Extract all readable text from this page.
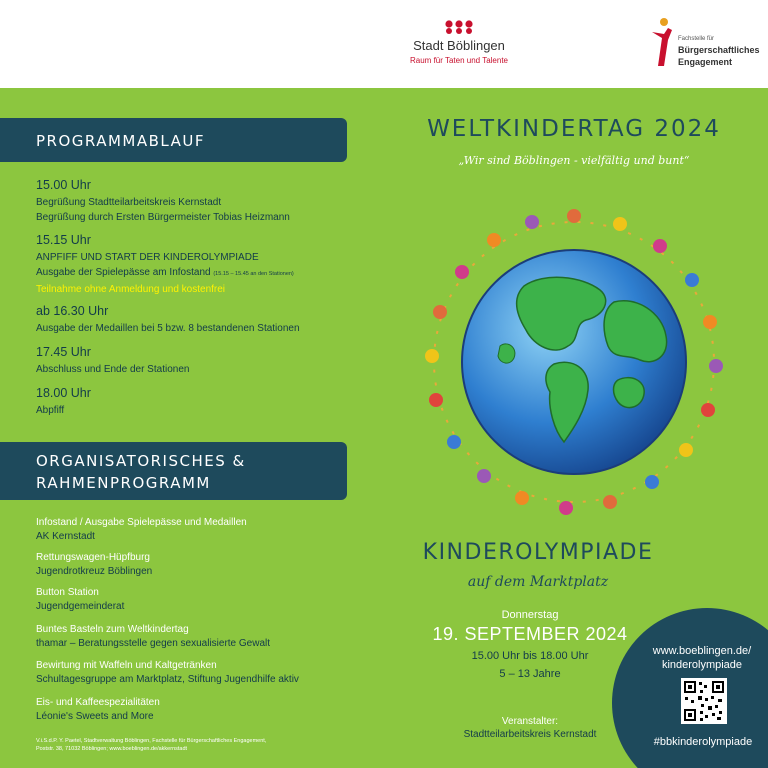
Stadt Böblingen
Raum für Taten und Talente
Fachstelle für
Bürgerschaftliches
Engagement
PROGRAMMABLAUF
15.00 Uhr
Begrüßung Stadtteilarbeitskreis Kernstadt
Begrüßung durch Ersten Bürgermeister Tobias Heizmann
15.15 Uhr
ANPFIFF UND START DER KINDEROLYMPIADE
Ausgabe der Spielepässe am Infostand (15.15 – 15.45 an den Stationen)
Teilnahme ohne Anmeldung und kostenfrei
ab 16.30 Uhr
Ausgabe der Medaillen bei 5 bzw. 8 bestandenen Stationen
17.45 Uhr
Abschluss und Ende der Stationen
18.00 Uhr
Abpfiff
ORGANISATORISCHES &
RAHMENPROGRAMM
Infostand / Ausgabe Spielepässe und Medaillen
AK Kernstadt
Rettungswagen-Hüpfburg
Jugendrotkreuz Böblingen
Button Station
Jugendgemeinderat
Buntes Basteln zum Weltkindertag
thamar – Beratungsstelle gegen sexualisierte Gewalt
Bewirtung mit Waffeln und Kaltgetränken
Schultagesgruppe am Marktplatz, Stiftung Jugendhilfe aktiv
Eis- und Kaffeespezialitäten
Léonie's Sweets and More
V.i.S.d.P. Y. Paetel, Stadtverwaltung Böblingen, Fachstelle für Bürgerschaftliches Engagement,
Poststr. 38, 71032 Böblingen; www.boeblingen.de/akkernstadt
WELTKINDERTAG 2024
„Wir sind Böblingen - vielfältig und bunt“
KINDEROLYMPIADE
auf dem Marktplatz
Donnerstag
19. SEPTEMBER 2024
15.00 Uhr bis 18.00 Uhr
5 – 13 Jahre
Veranstalter:
Stadtteilarbeitskreis Kernstadt
www.boeblingen.de/
kinderolympiade
#bbkinderolympiade
